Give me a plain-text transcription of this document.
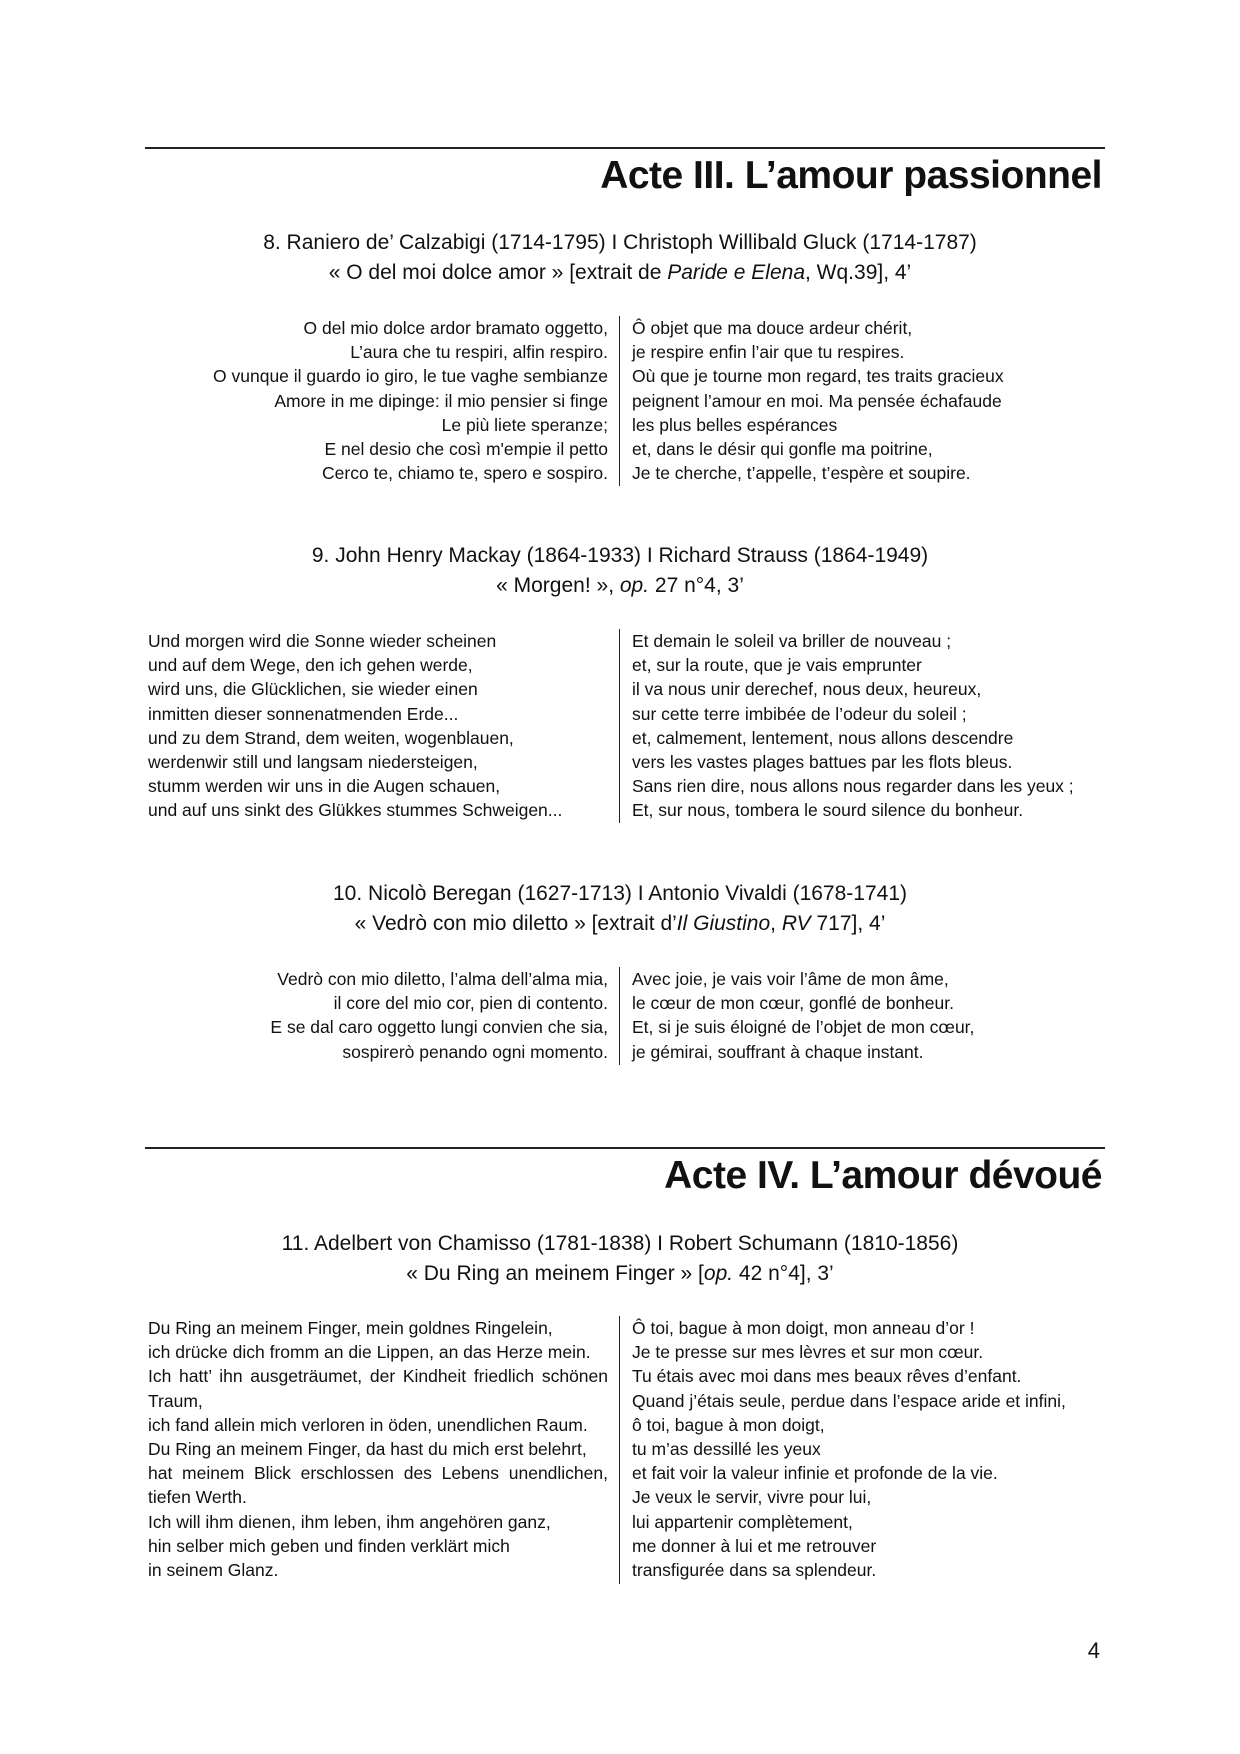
Acte III. L’amour passionnel
8. Raniero de’ Calzabigi (1714-1795) I Christoph Willibald Gluck (1714-1787)
« O del moi dolce amor » [extrait de Paride e Elena, Wq.39], 4’
O del mio dolce ardor bramato oggetto,
L’aura che tu respiri, alfin respiro.
O vunque il guardo io giro, le tue vaghe sembianze
Amore in me dipinge: il mio pensier si finge
Le più liete speranze;
E nel desio che così m'empie il petto
Cerco te, chiamo te, spero e sospiro.
Ô objet que ma douce ardeur chérit,
je respire enfin l’air que tu respires.
Où que je tourne mon regard, tes traits gracieux
peignent l’amour en moi. Ma pensée échafaude
les plus belles espérances
et, dans le désir qui gonfle ma poitrine,
Je te cherche, t’appelle, t’espère et soupire.
9. John Henry Mackay (1864-1933) I Richard Strauss (1864-1949)
« Morgen! », op. 27 n°4, 3’
Und morgen wird die Sonne wieder scheinen
und auf dem Wege, den ich gehen werde,
wird uns, die Glücklichen, sie wieder einen
inmitten dieser sonnenatmenden Erde...
und zu dem Strand, dem weiten, wogenblauen,
werdenwir still und langsam niedersteigen,
stumm werden wir uns in die Augen schauen,
und auf uns sinkt des Glükkes stummes Schweigen...
Et demain le soleil va briller de nouveau ;
et, sur la route, que je vais emprunter
il va nous unir derechef, nous deux, heureux,
sur cette terre imbibée de l’odeur du soleil ;
et, calmement, lentement, nous allons descendre
vers les vastes plages battues par les flots bleus.
Sans rien dire, nous allons nous regarder dans les yeux ;
Et, sur nous, tombera le sourd silence du bonheur.
10. Nicolò Beregan (1627-1713) I Antonio Vivaldi (1678-1741)
« Vedrò con mio diletto » [extrait d’Il Giustino, RV 717], 4’
Vedrò con mio diletto, l’alma dell’alma mia,
il core del mio cor, pien di contento.
E se dal caro oggetto lungi convien che sia,
sospirerò penando ogni momento.
Avec joie, je vais voir l’âme de mon âme,
le cœur de mon cœur, gonflé de bonheur.
Et, si je suis éloigné de l’objet de mon cœur,
je gémirai, souffrant à chaque instant.
Acte IV. L’amour dévoué
11. Adelbert von Chamisso (1781-1838) I Robert Schumann (1810-1856)
« Du Ring an meinem Finger » [op. 42 n°4], 3’
Du Ring an meinem Finger, mein goldnes Ringelein,
ich drücke dich fromm an die Lippen, an das Herze mein.
Ich hatt’ ihn ausgeträumet, der Kindheit friedlich schönen
Traum,
ich fand allein mich verloren in öden, unendlichen Raum.
Du Ring an meinem Finger, da hast du mich erst belehrt,
hat meinem Blick erschlossen des Lebens unendlichen,
tiefen Werth.
Ich will ihm dienen, ihm leben, ihm angehören ganz,
hin selber mich geben und finden verklärt mich
in seinem Glanz.
Ô toi, bague à mon doigt, mon anneau d’or !
Je te presse sur mes lèvres et sur mon cœur.
Tu étais avec moi dans mes beaux rêves d’enfant.
Quand j’étais seule, perdue dans l’espace aride et infini,
ô toi, bague à mon doigt,
tu m’as dessillé les yeux
et fait voir la valeur infinie et profonde de la vie.
Je veux le servir, vivre pour lui,
lui appartenir complètement,
me donner à lui et me retrouver
transfigurée dans sa splendeur.
4
